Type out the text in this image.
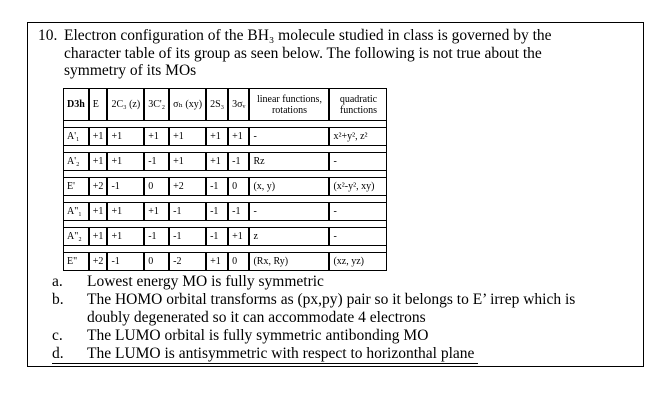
10. Electron configuration of the BH₃ molecule studied in class is governed by the character table of its group as seen below. The following is not true about the symmetry of its MOs
D3h	E	2C₃ (z)	3C'₂	σₕ (xy)	2S₃	3σᵥ	linear functions, rotations	quadratic functions

A'₁	+1	+1	+1	+1	+1	+1	-	x²+y², z²

A'₂	+1	+1	-1	+1	+1	-1	Rz	-

E'	+2	-1	0	+2	-1	0	(x, y)	(x²-y², xy)

A"₁	+1	+1	+1	-1	-1	-1	-	-

A"₂	+1	+1	-1	-1	-1	+1	z	-

E"	+2	-1	0	-2	+1	0	(Rx, Ry)	(xz, yz)
a. Lowest energy MO is fully symmetric
b. The HOMO orbital transforms as (px,py) pair so it belongs to E’ irrep which is doubly degenerated so it can accommodate 4 electrons
c. The LUMO orbital is fully symmetric antibonding MO
d. The LUMO is antisymmetric with respect to horizonthal plane
